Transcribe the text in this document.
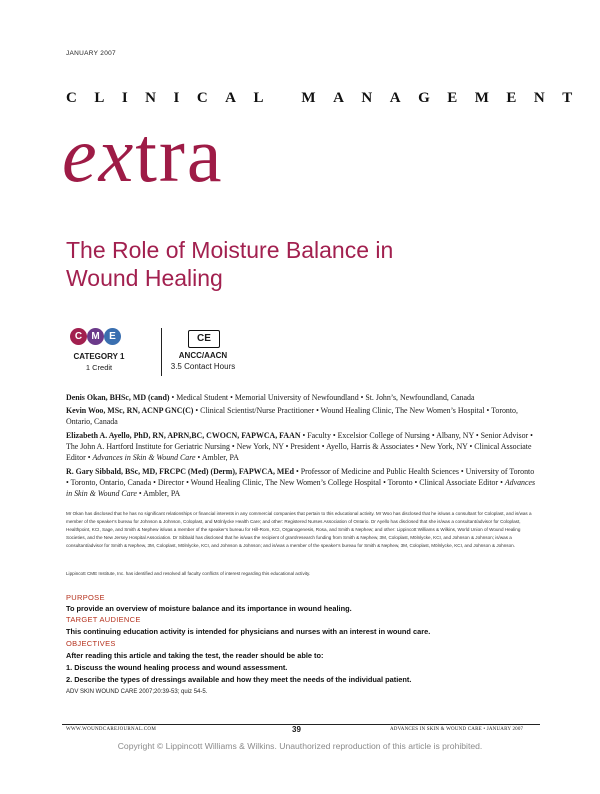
JANUARY 2007
CLINICAL MANAGEMENT
extra
The Role of Moisture Balance in
Wound Healing
C M E
CATEGORY 1
1 Credit
CE
ANCC/AACN
3.5 Contact Hours
Denis Okan, BHSc, MD (cand) • Medical Student • Memorial University of Newfoundland • St. John’s, Newfoundland, Canada
Kevin Woo, MSc, RN, ACNP GNC(C) • Clinical Scientist/Nurse Practitioner • Wound Healing Clinic, The New Women’s Hospital • Toronto, Ontario, Canada
Elizabeth A. Ayello, PhD, RN, APRN,BC, CWOCN, FAPWCA, FAAN • Faculty • Excelsior College of Nursing • Albany, NY • Senior Advisor • The John A. Hartford Institute for Geriatric Nursing • New York, NY • President • Ayello, Harris & Associates • New York, NY • Clinical Associate Editor • Advances in Skin & Wound Care • Ambler, PA
R. Gary Sibbald, BSc, MD, FRCPC (Med) (Derm), FAPWCA, MEd • Professor of Medicine and Public Health Sciences • University of Toronto • Toronto, Ontario, Canada • Director • Wound Healing Clinic, The New Women’s College Hospital • Toronto • Clinical Associate Editor • Advances in Skin & Wound Care • Ambler, PA
Mr Okan has disclosed that he has no significant relationships or financial interests in any commercial companies that pertain to this educational activity. Mr Woo has disclosed that he is/was a consultant for Coloplast, and is/was a member of the speaker’s bureau for Johnson & Johnson, Coloplast, and Mölnlycke Health Care; and other: Registered Nurses Association of Ontario. Dr Ayello has disclosed that she is/was a consultant/advisor for Coloplast, Healthpoint, KCI, Sage, and Smith & Nephew is/was a member of the speaker’s bureau for Hill-Rom, KCI, Organogenesis, Rosa, and Smith & Nephew; and other: Lippincott Williams & Wilkins, World Union of Wound Healing Societies, and the New Jersey Hospital Association. Dr Sibbald has disclosed that he is/was the recipient of grant/research funding from Smith & Nephew, 3M, Coloplast, Mölnlycke, KCI, and Johnson & Johnson; is/was a consultant/advisor for Smith & Nephew, 3M, Coloplast, Mölnlycke, KCI, and Johnson & Johnson; and is/was a member of the speaker’s bureau for Smith & Nephew, 3M, Coloplast, Mölnlycke, KCI, and Johnson & Johnson.
Lippincott CME Institute, Inc. has identified and resolved all faculty conflicts of interest regarding this educational activity.
PURPOSE
To provide an overview of moisture balance and its importance in wound healing.
TARGET AUDIENCE
This continuing education activity is intended for physicians and nurses with an interest in wound care.
OBJECTIVES
After reading this article and taking the test, the reader should be able to:
1. Discuss the wound healing process and wound assessment.
2. Describe the types of dressings available and how they meet the needs of the individual patient.
ADV SKIN WOUND CARE 2007;20:39-53; quiz 54-5.
WWW.WOUNDCAREJOURNAL.COM	39	ADVANCES IN SKIN & WOUND CARE • JANUARY 2007
Copyright © Lippincott Williams & Wilkins. Unauthorized reproduction of this article is prohibited.
